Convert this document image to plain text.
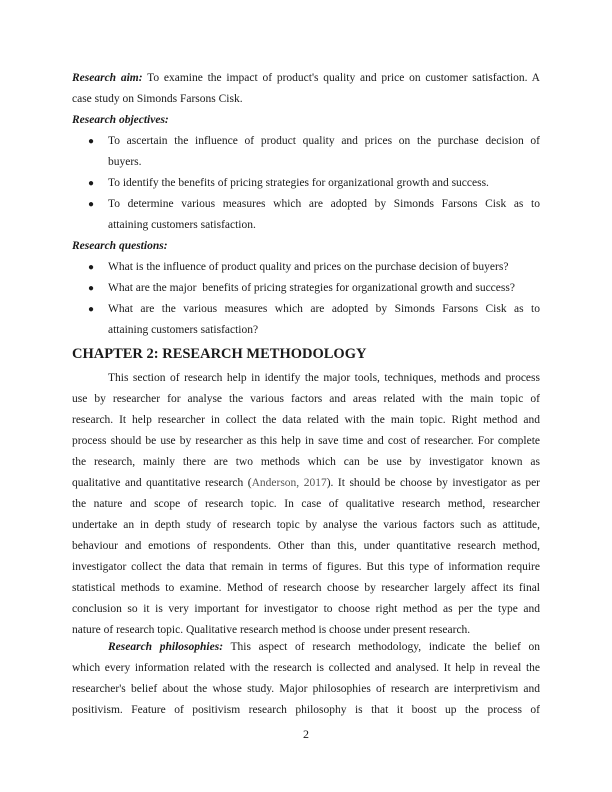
Research aim: To examine the impact of product's quality and price on customer satisfaction. A
case study on Simonds Farsons Cisk.
Research objectives:
● To ascertain the influence of product quality and prices on the purchase decision of
buyers.
● To identify the benefits of pricing strategies for organizational growth and success.
● To determine various measures which are adopted by Simonds Farsons Cisk as to
attaining customers satisfaction.
Research questions:
● What is the influence of product quality and prices on the purchase decision of buyers?
● What are the major  benefits of pricing strategies for organizational growth and success?
● What are the various measures which are adopted by Simonds Farsons Cisk as to
attaining customers satisfaction?
CHAPTER 2: RESEARCH METHODOLOGY
This section of research help in identify the major tools, techniques, methods and process
use by researcher for analyse the various factors and areas related with the main topic of
research. It help researcher in collect the data related with the main topic. Right method and
process should be use by researcher as this help in save time and cost of researcher. For complete
the research, mainly there are two methods which can be use by investigator known as
qualitative and quantitative research (Anderson, 2017). It should be choose by investigator as per
the nature and scope of research topic. In case of qualitative research method, researcher
undertake an in depth study of research topic by analyse the various factors such as attitude,
behaviour and emotions of respondents. Other than this, under quantitative research method,
investigator collect the data that remain in terms of figures. But this type of information require
statistical methods to examine. Method of research choose by researcher largely affect its final
conclusion so it is very important for investigator to choose right method as per the type and
nature of research topic. Qualitative research method is choose under present research.
Research philosophies: This aspect of research methodology, indicate the belief on
which every information related with the research is collected and analysed. It help in reveal the
researcher's belief about the whose study. Major philosophies of research are interpretivism and
positivism. Feature of positivism research philosophy is that it boost up the process of
2
